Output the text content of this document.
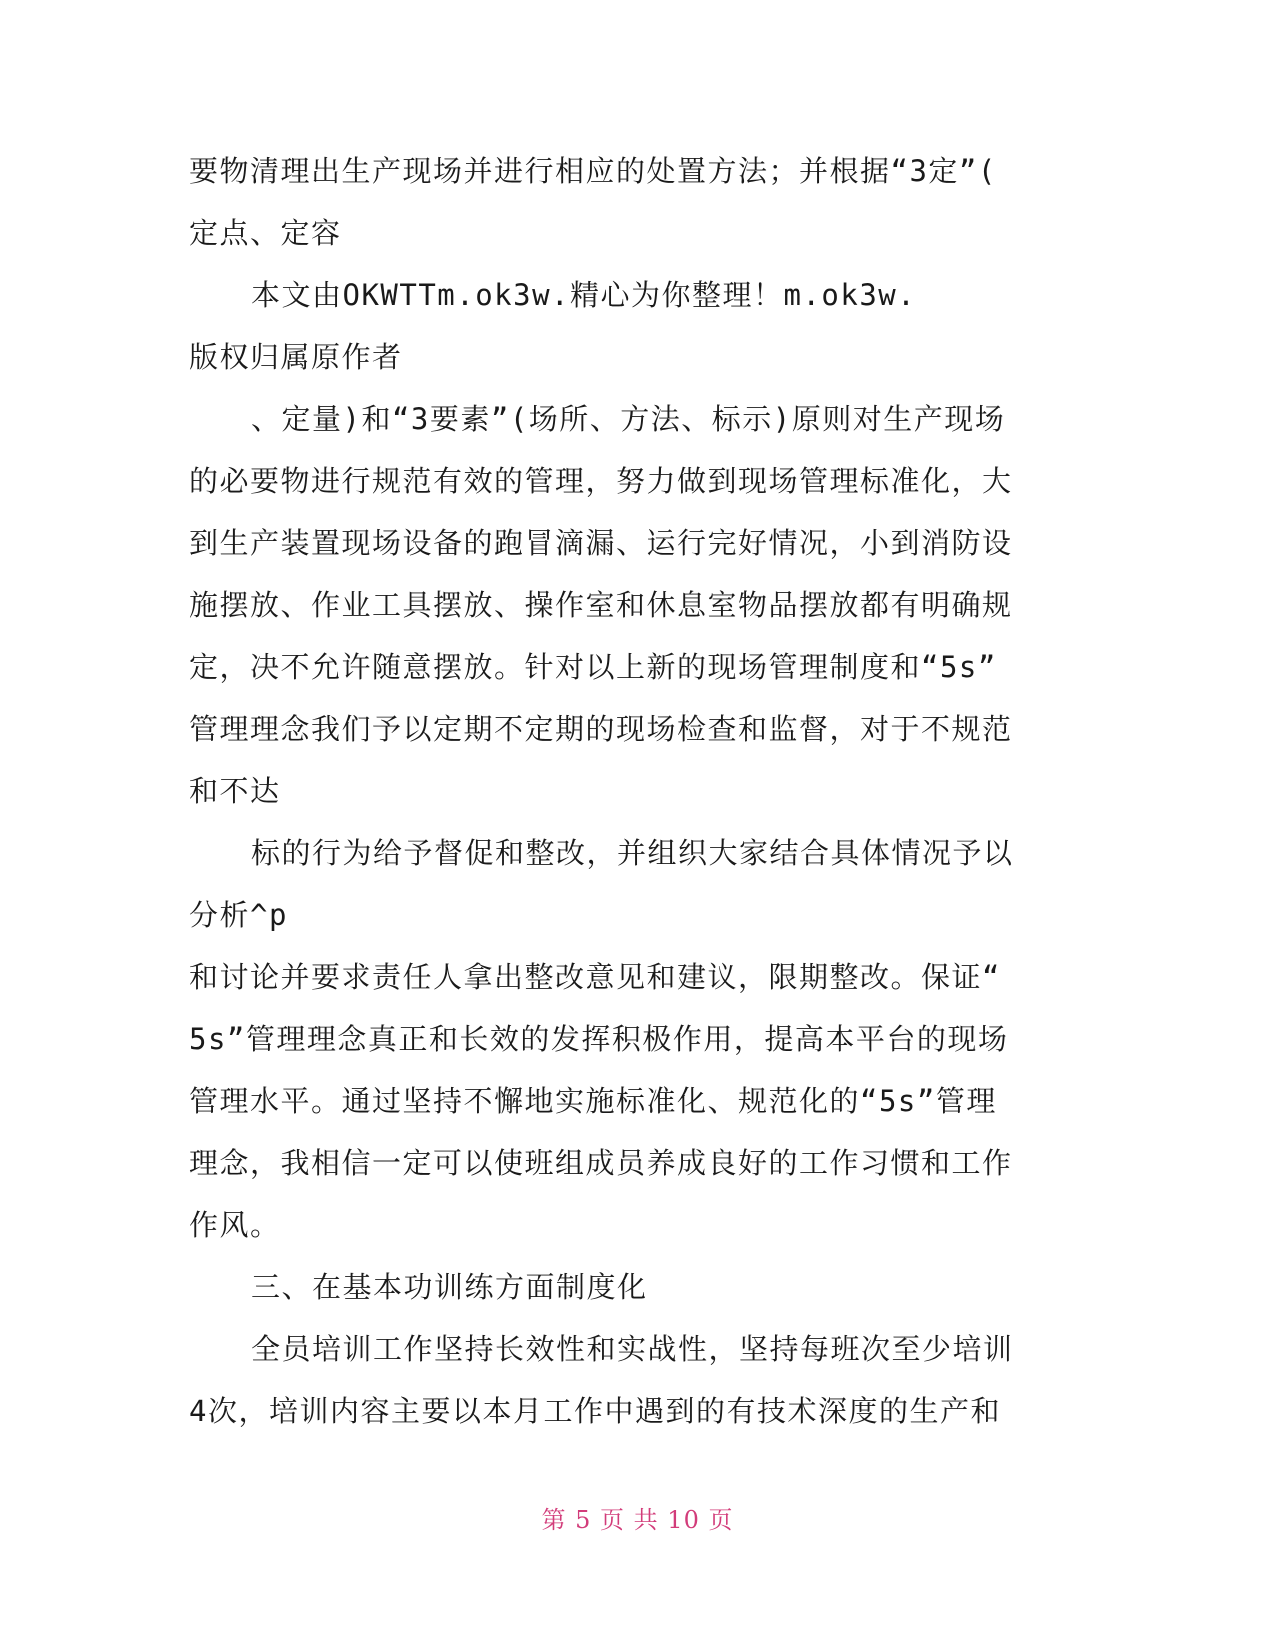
要物清理出生产现场并进行相应的处置方法；并根据“3定”(
定点、定容
本文由OKWTTm.ok3w.精心为你整理！m.ok3w.
版权归属原作者
、定量)和“3要素”(场所、方法、标示)原则对生产现场
的必要物进行规范有效的管理，努力做到现场管理标准化，大
到生产装置现场设备的跑冒滴漏、运行完好情况，小到消防设
施摆放、作业工具摆放、操作室和休息室物品摆放都有明确规
定，决不允许随意摆放。针对以上新的现场管理制度和“5s”
管理理念我们予以定期不定期的现场检查和监督，对于不规范
和不达
标的行为给予督促和整改，并组织大家结合具体情况予以
分析^p
和讨论并要求责任人拿出整改意见和建议，限期整改。保证“
5s”管理理念真正和长效的发挥积极作用，提高本平台的现场
管理水平。通过坚持不懈地实施标准化、规范化的“5s”管理
理念，我相信一定可以使班组成员养成良好的工作习惯和工作
作风。
三、在基本功训练方面制度化
全员培训工作坚持长效性和实战性，坚持每班次至少培训
4次，培训内容主要以本月工作中遇到的有技术深度的生产和
第 5 页 共 10 页
